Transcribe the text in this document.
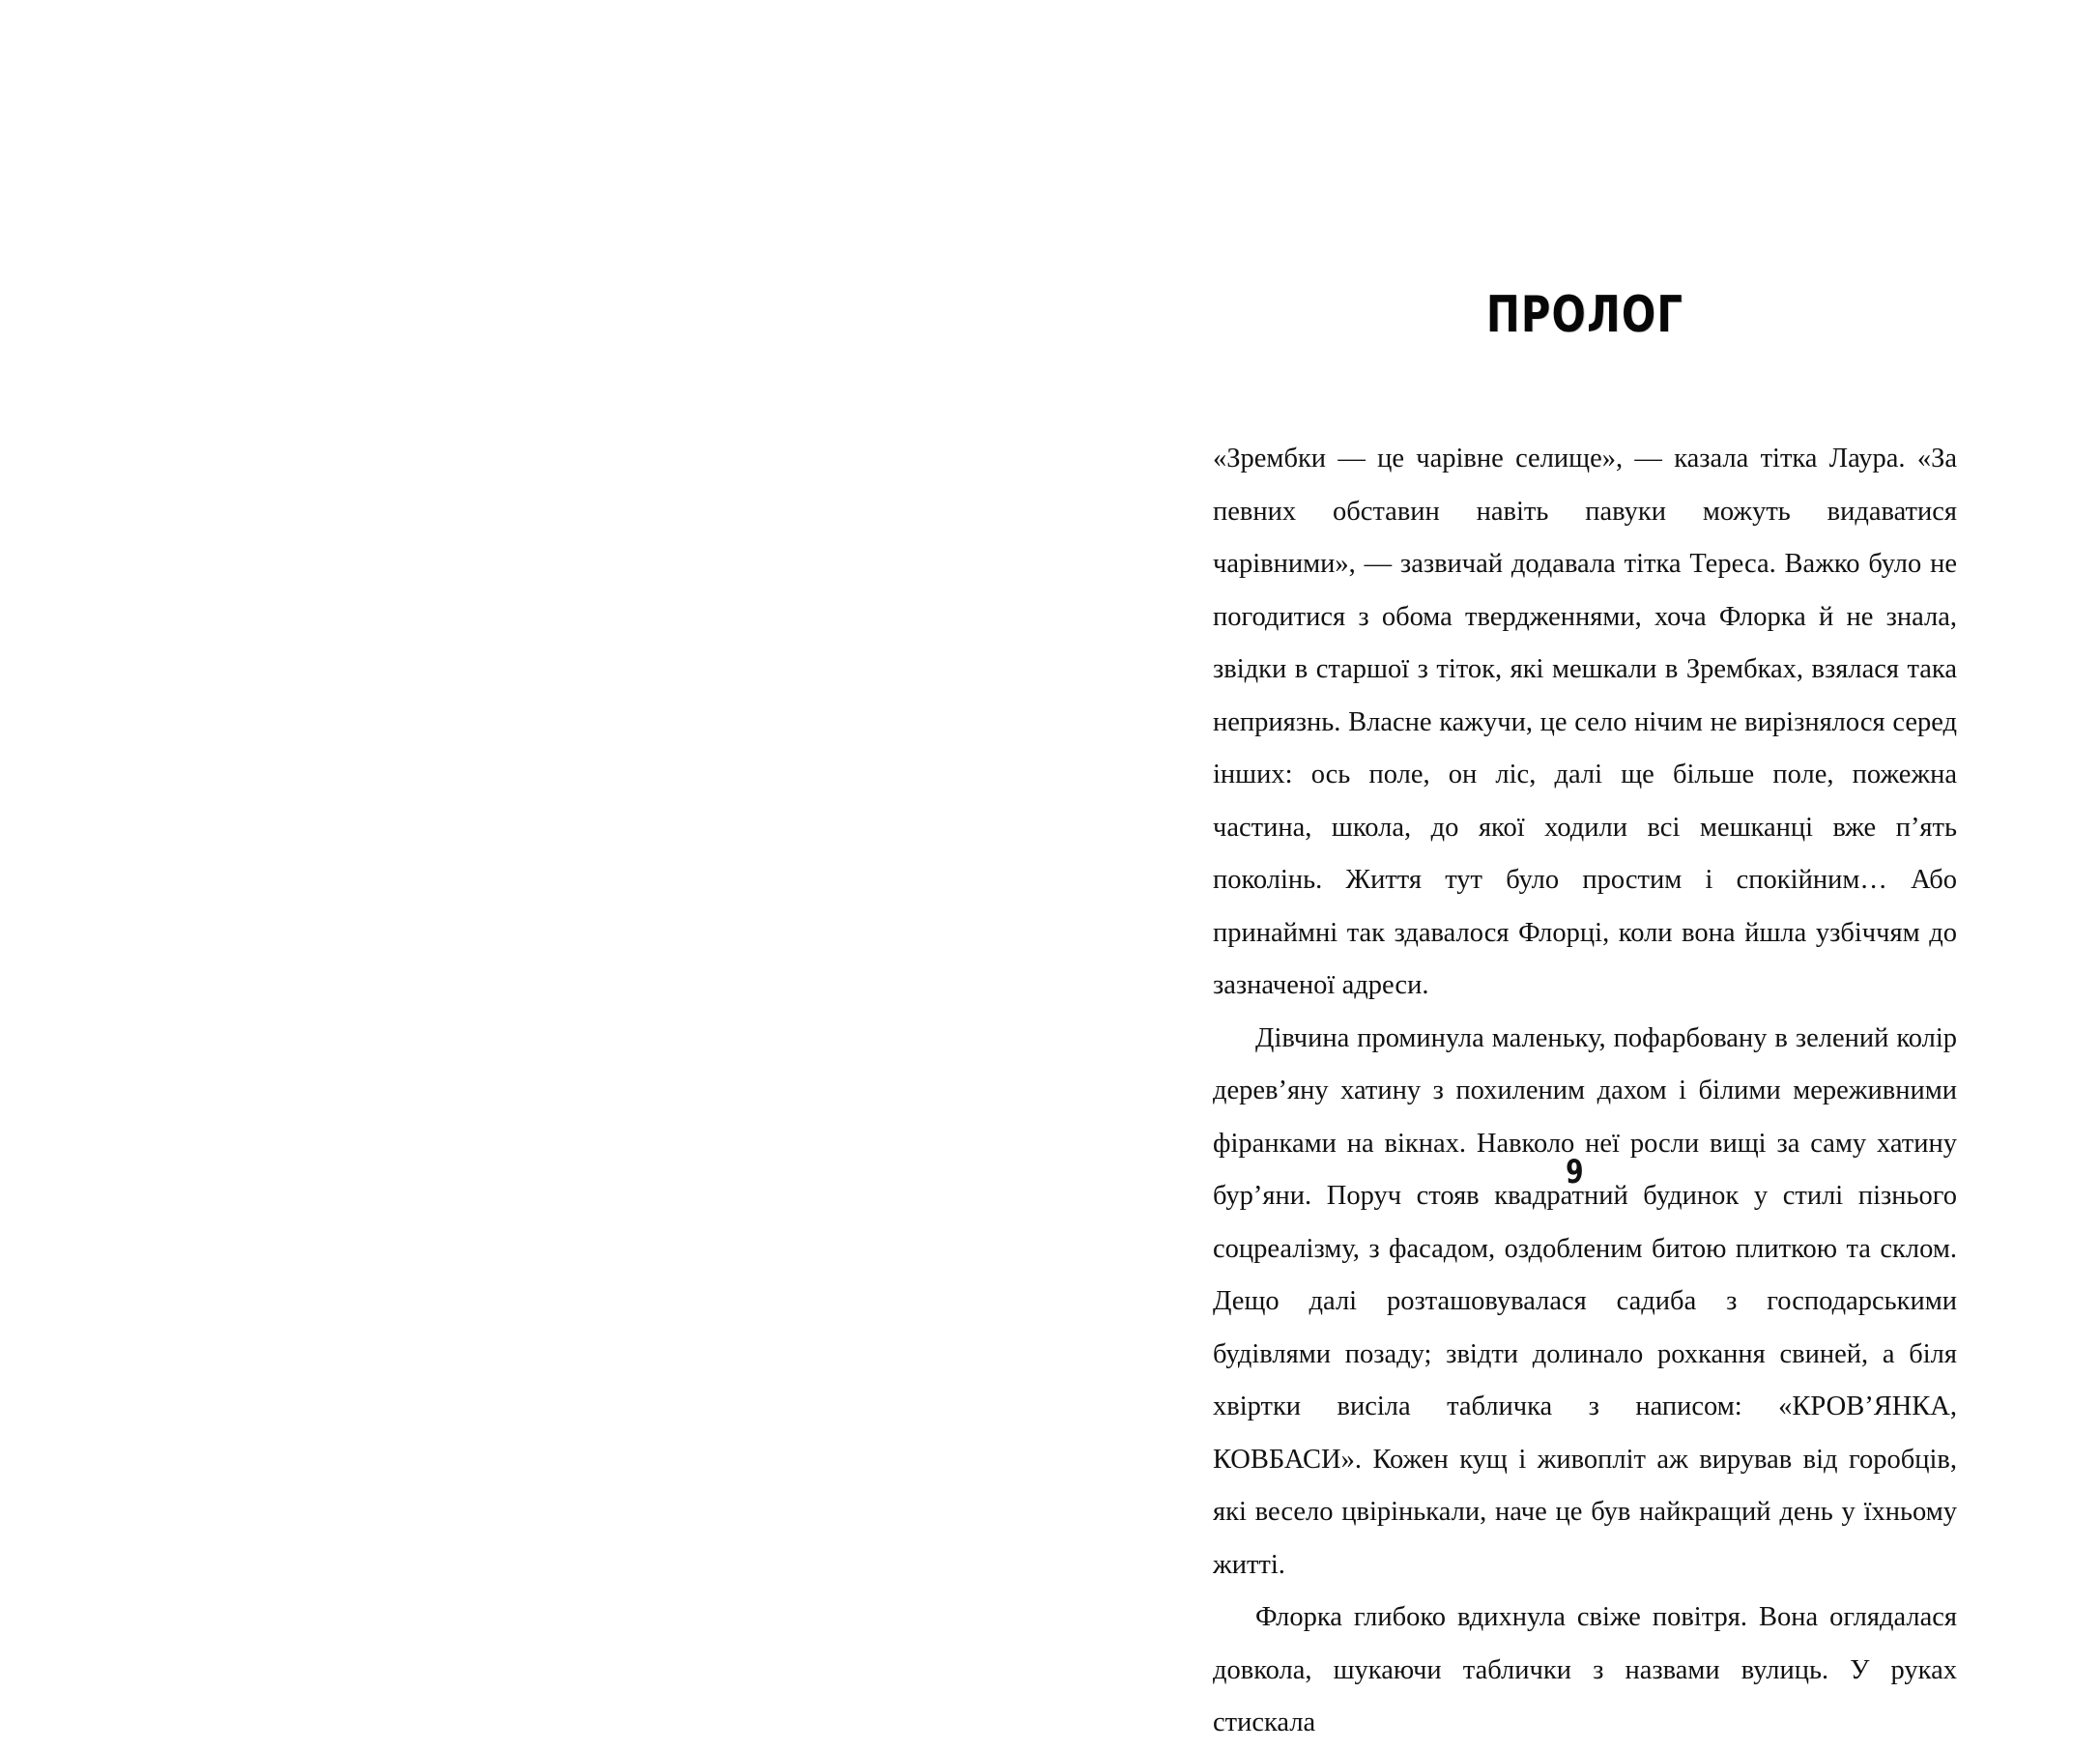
ПРОЛОГ

«Зрембки — це чарівне селище», — казала тітка Лаура. «За певних обставин навіть павуки можуть видаватися чарівними», — зазвичай додавала тітка Тереса. Важко було не погодитися з обома твердженнями, хоча Флорка й не знала, звідки в старшої з тіток, які мешкали в Зрембках, взялася така неприязнь. Власне кажучи, це село нічим не вирізнялося серед інших: ось поле, он ліс, далі ще більше поле, пожежна частина, школа, до якої ходили всі мешканці вже п’ять поколінь. Життя тут було простим і спокійним… Або принаймні так здавалося Флорці, коли вона йшла узбіччям до зазначеної адреси.

Дівчина проминула маленьку, пофарбовану в зелений колір дерев’яну хатину з похиленим дахом і білими мереживними фіранками на вікнах. Навколо неї росли вищі за саму хатину бур’яни. Поруч стояв квадратний будинок у стилі пізнього соцреалізму, з фасадом, оздобленим битою плиткою та склом. Дещо далі розташовувалася садиба з господарськими будівлями позаду; звідти долинало рохкання свиней, а біля хвіртки висіла табличка з написом: «КРОВ’ЯНКА, КОВБАСИ». Кожен кущ і живопліт аж вирував від горобців, які весело цвірінькали, наче це був найкращий день у їхньому житті.

Флорка глибоко вдихнула свіже повітря. Вона оглядалася довкола, шукаючи таблички з назвами вулиць. У руках стискала

9
